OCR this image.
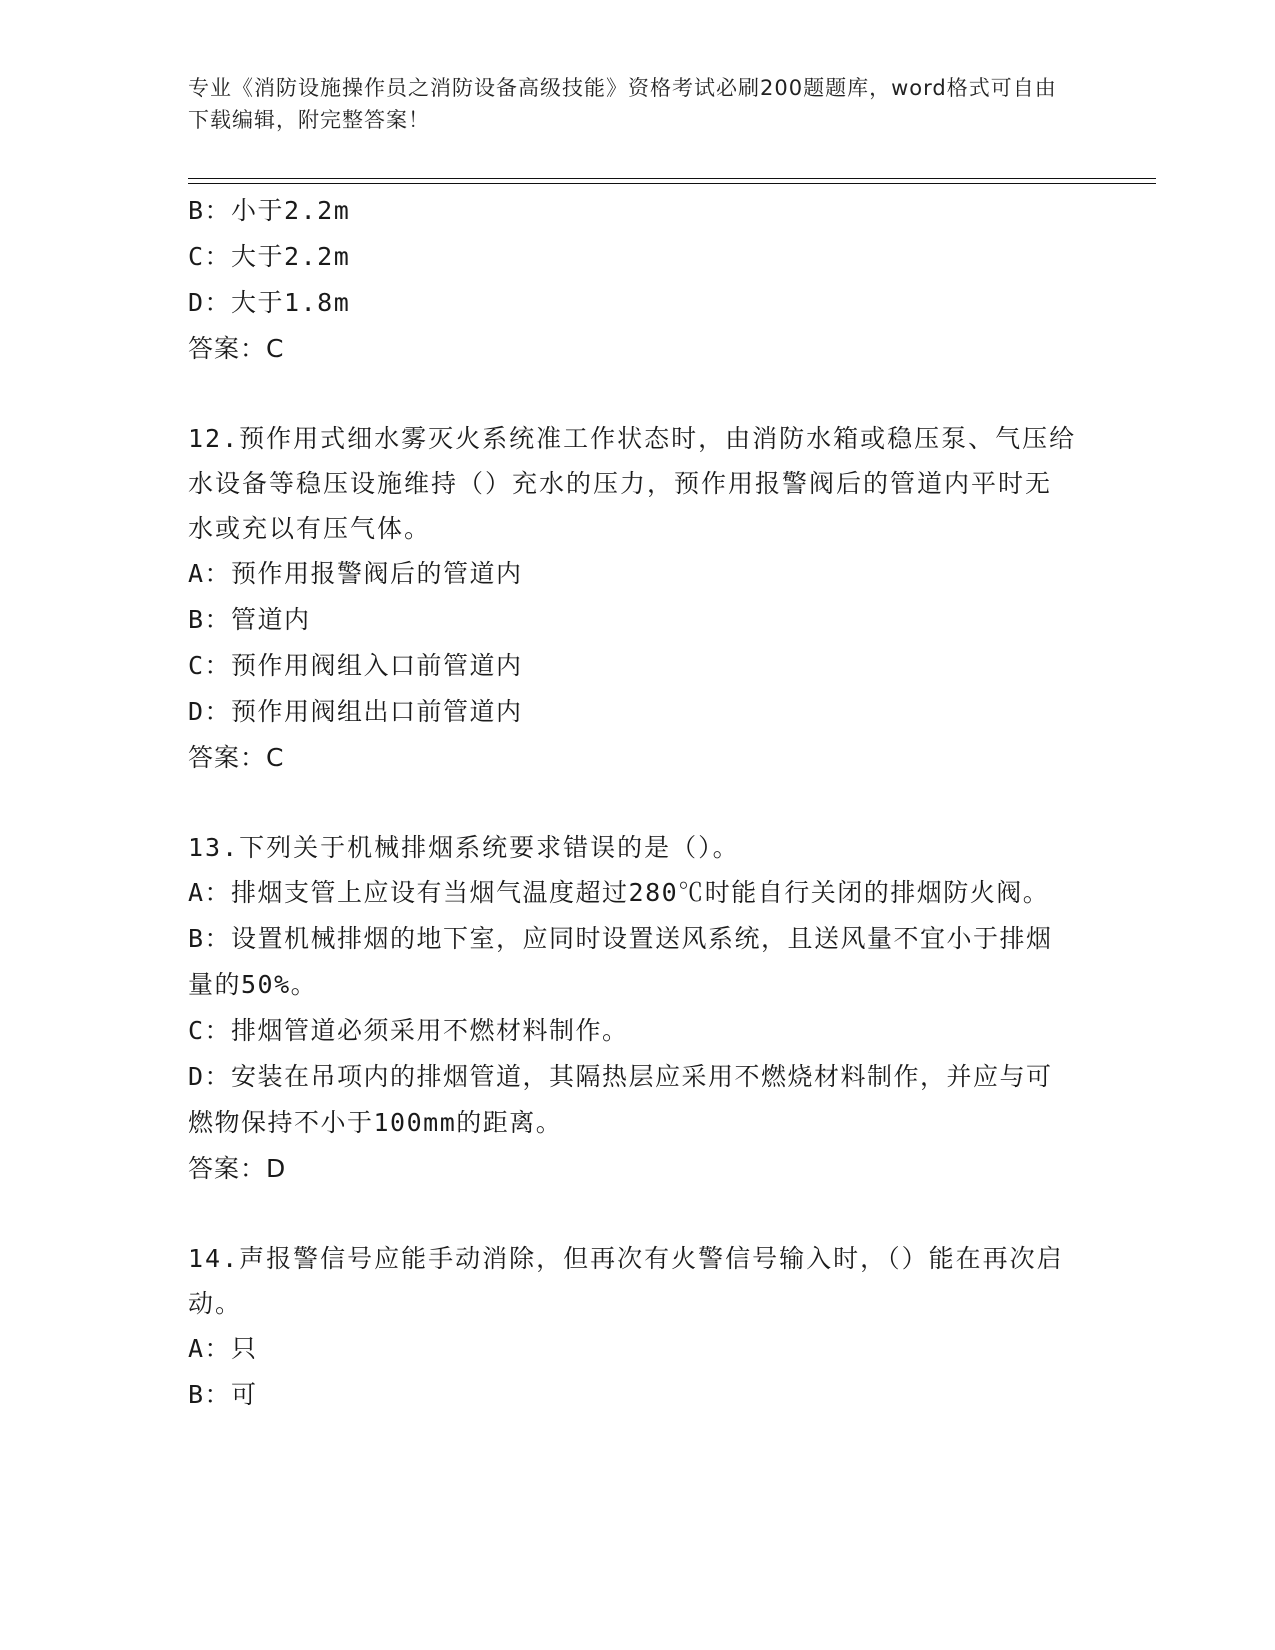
专业《消防设施操作员之消防设备高级技能》资格考试必刷200题题库，word格式可自由下载编辑，附完整答案！
B：小于2.2m
C：大于2.2m
D：大于1.8m
答案：C
12.预作用式细水雾灭火系统准工作状态时，由消防水箱或稳压泵、气压给水设备等稳压设施维持（）充水的压力，预作用报警阀后的管道内平时无水或充以有压气体。
A：预作用报警阀后的管道内
B：管道内
C：预作用阀组入口前管道内
D：预作用阀组出口前管道内
答案：C
13.下列关于机械排烟系统要求错误的是（）。
A：排烟支管上应设有当烟气温度超过280℃时能自行关闭的排烟防火阀。
B：设置机械排烟的地下室，应同时设置送风系统，且送风量不宜小于排烟量的50%。
C：排烟管道必须采用不燃材料制作。
D：安装在吊项内的排烟管道，其隔热层应采用不燃烧材料制作，并应与可燃物保持不小于100mm的距离。
答案：D
14.声报警信号应能手动消除，但再次有火警信号输入时，（）能在再次启动。
A：只
B：可
